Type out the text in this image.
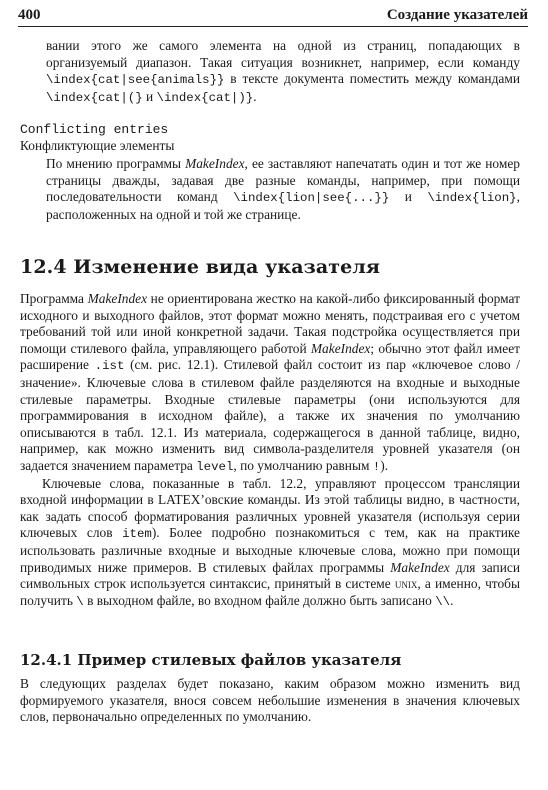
400	Создание указателей

вании этого же самого элемента на одной из страниц, попадающих в организуемый диапазон. Такая ситуация возникнет, например, если команду \index{cat|see{animals}} в тексте документа поместить между командами \index{cat|(} и \index{cat|)}.

Conflicting entries

Конфликтующие элементы

По мнению программы MakeIndex, ее заставляют напечатать один и тот же номер страницы дважды, задавая две разные команды, например, при помощи последовательности команд \index{lion|see{...}} и \index{lion}, расположенных на одной и той же странице.

12.4 Изменение вида указателя

Программа MakeIndex не ориентирована жестко на какой-либо фиксированный формат исходного и выходного файлов, этот формат можно менять, подстраивая его с учетом требований той или иной конкретной задачи. Такая подстройка осуществляется при помощи стилевого файла, управляющего работой MakeIndex; обычно этот файл имеет расширение .ist (см. рис. 12.1). Стилевой файл состоит из пар «ключевое слово / значение». Ключевые слова в стилевом файле разделяются на входные и выходные стилевые параметры. Входные стилевые параметры (они используются для программирования в исходном файле), а также их значения по умолчанию описываются в табл. 12.1. Из материала, содержащегося в данной таблице, видно, например, как можно изменить вид символа-разделителя уровней указателя (он задается значением параметра level, по умолчанию равным !).

Ключевые слова, показанные в табл. 12.2, управляют процессом трансляции входной информации в LATEX’овские команды. Из этой таблицы видно, в частности, как задать способ форматирования различных уровней указателя (используя серии ключевых слов item). Более подробно познакомиться с тем, как на практике использовать различные входные и выходные ключевые слова, можно при помощи приводимых ниже примеров. В стилевых файлах программы MakeIndex для записи символьных строк используется синтаксис, принятый в системе unix, а именно, чтобы получить \ в выходном файле, во входном файле должно быть записано \\.

12.4.1 Пример стилевых файлов указателя

В следующих разделах будет показано, каким образом можно изменить вид формируемого указателя, внося совсем небольшие изменения в значения ключевых слов, первоначально определенных по умолчанию.
